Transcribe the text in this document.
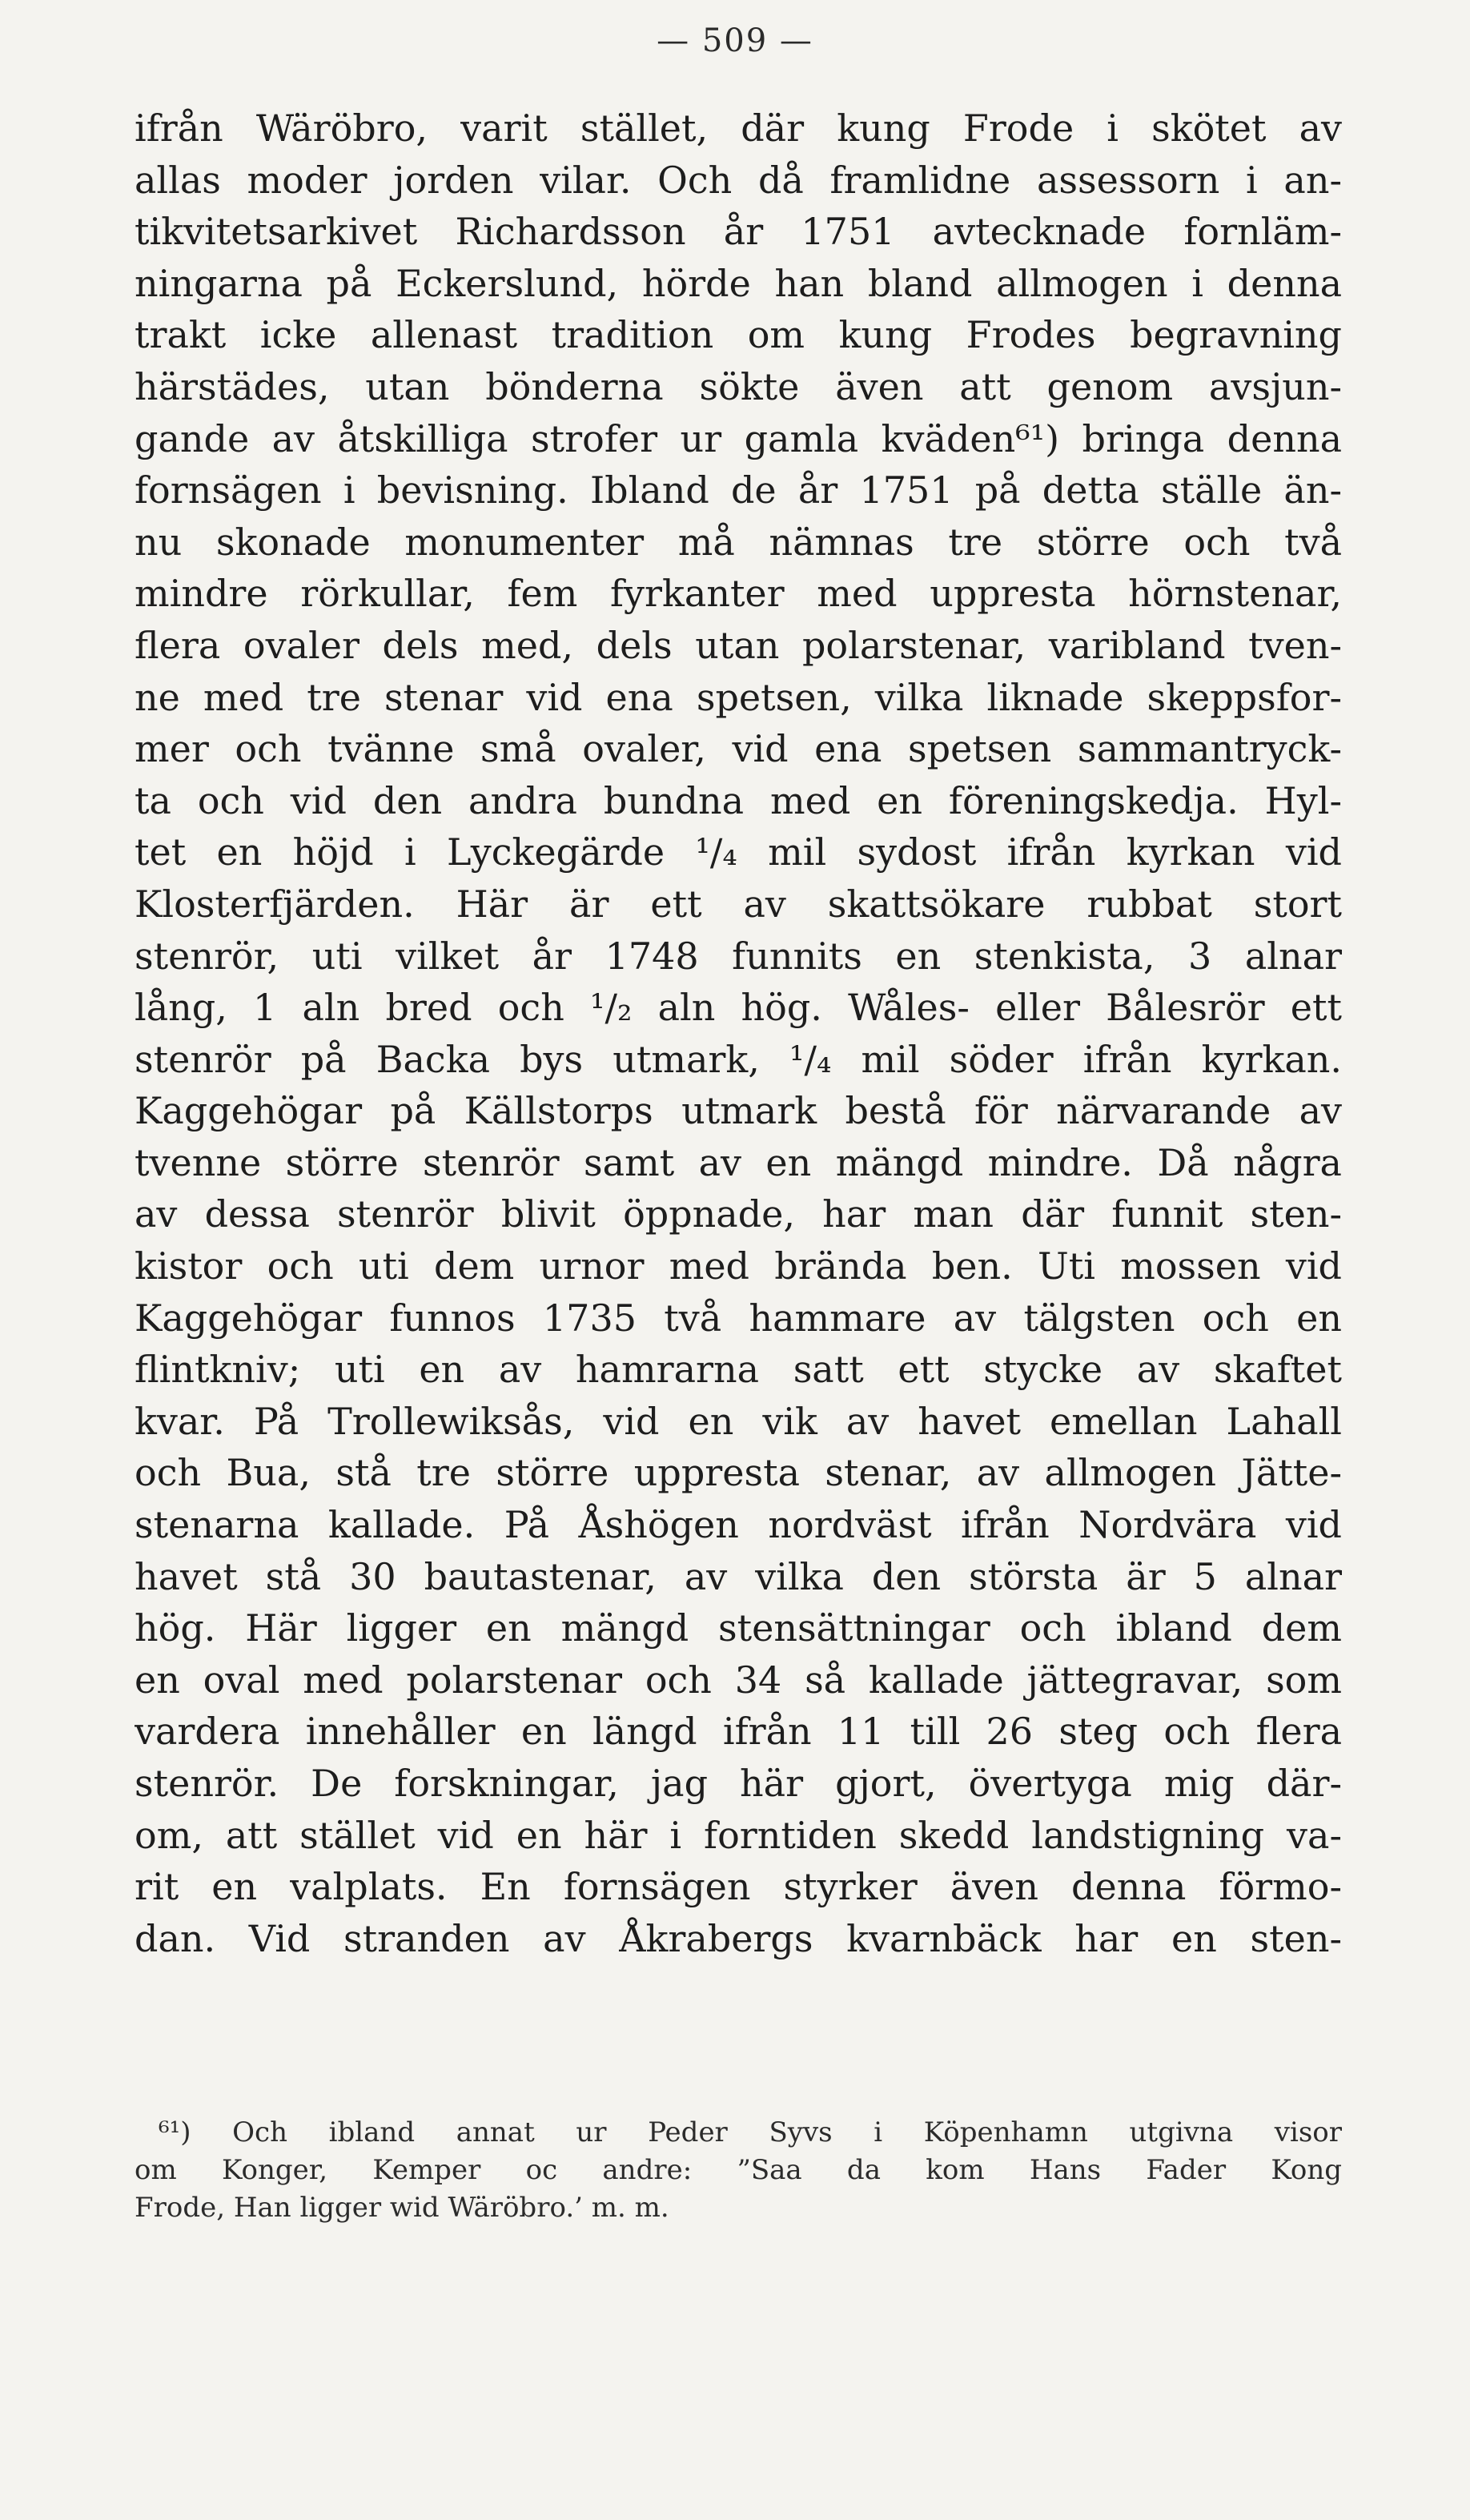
— 509 —
ifrån Wäröbro, varit stället, där kung Frode i skötet av
allas moder jorden vilar. Och då framlidne assessorn i an-
tikvitetsarkivet Richardsson år 1751 avtecknade fornläm-
ningarna på Eckerslund, hörde han bland allmogen i denna
trakt icke allenast tradition om kung Frodes begravning
härstädes, utan bönderna sökte även att genom avsjun-
gande av åtskilliga strofer ur gamla kväden⁶¹) bringa denna
fornsägen i bevisning. Ibland de år 1751 på detta ställe än-
nu skonade monumenter må nämnas tre större och två
mindre rörkullar, fem fyrkanter med uppresta hörnstenar,
flera ovaler dels med, dels utan polarstenar, varibland tven-
ne med tre stenar vid ena spetsen, vilka liknade skeppsfor-
mer och tvänne små ovaler, vid ena spetsen sammantryck-
ta och vid den andra bundna med en föreningskedja. Hyl-
tet en höjd i Lyckegärde ¹/₄ mil sydost ifrån kyrkan vid
Klosterfjärden. Här är ett av skattsökare rubbat stort
stenrör, uti vilket år 1748 funnits en stenkista, 3 alnar
lång, 1 aln bred och ¹/₂ aln hög. Wåles- eller Bålesrör ett
stenrör på Backa bys utmark, ¹/₄ mil söder ifrån kyrkan.
Kaggehögar på Källstorps utmark bestå för närvarande av
tvenne större stenrör samt av en mängd mindre. Då några
av dessa stenrör blivit öppnade, har man där funnit sten-
kistor och uti dem urnor med brända ben. Uti mossen vid
Kaggehögar funnos 1735 två hammare av tälgsten och en
flintkniv; uti en av hamrarna satt ett stycke av skaftet
kvar. På Trollewiksås, vid en vik av havet emellan Lahall
och Bua, stå tre större uppresta stenar, av allmogen Jätte-
stenarna kallade. På Åshögen nordväst ifrån Nordvära vid
havet stå 30 bautastenar, av vilka den största är 5 alnar
hög. Här ligger en mängd stensättningar och ibland dem
en oval med polarstenar och 34 så kallade jättegravar, som
vardera innehåller en längd ifrån 11 till 26 steg och flera
stenrör. De forskningar, jag här gjort, övertyga mig där-
om, att stället vid en här i forntiden skedd landstigning va-
rit en valplats. En fornsägen styrker även denna förmo-
dan. Vid stranden av Åkrabergs kvarnbäck har en sten-
⁶¹) Och ibland annat ur Peder Syvs i Köpenhamn utgivna visor
om Konger, Kemper oc andre: ”Saa da kom Hans Fader Kong
Frode, Han ligger wid Wäröbro.’ m. m.
